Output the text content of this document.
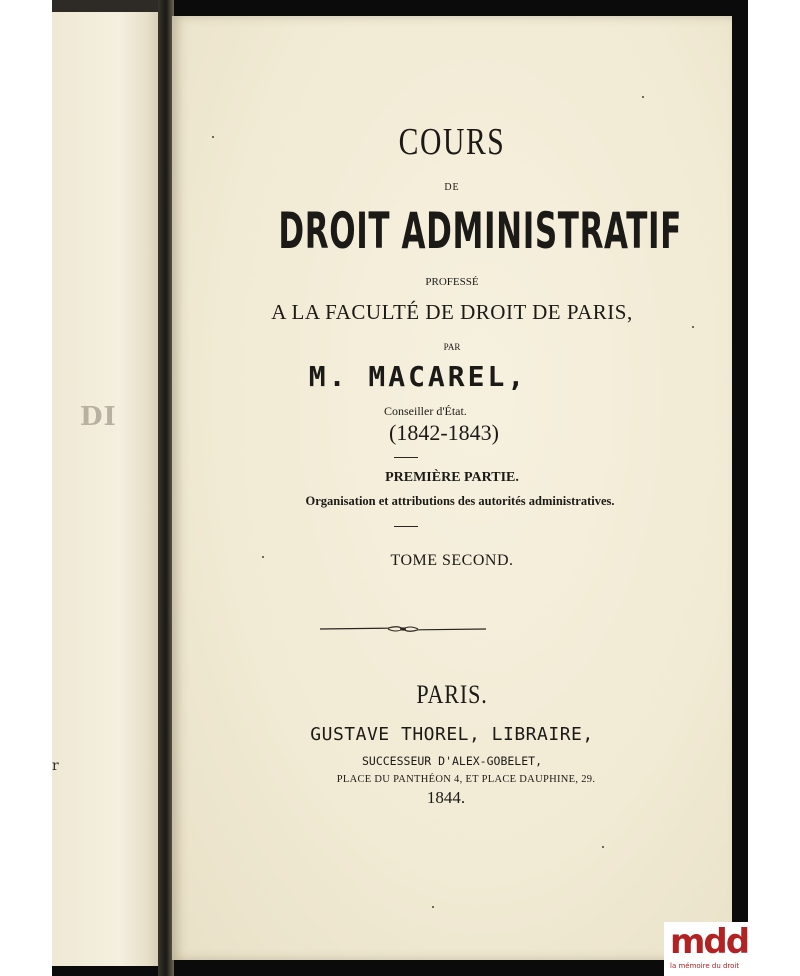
DI
r
COURS
DE
DROIT ADMINISTRATIF
PROFESSÉ
A LA FACULTÉ DE DROIT DE PARIS,
PAR
M. MACAREL,
Conseiller d'État.
(1842-1843)
PREMIÈRE PARTIE.
Organisation et attributions des autorités administratives.
TOME SECOND.
PARIS.
GUSTAVE THOREL, LIBRAIRE,
SUCCESSEUR D'ALEX-GOBELET,
PLACE DU PANTHÉON 4, ET PLACE DAUPHINE, 29.
1844.
mdd
la mémoire du droit
